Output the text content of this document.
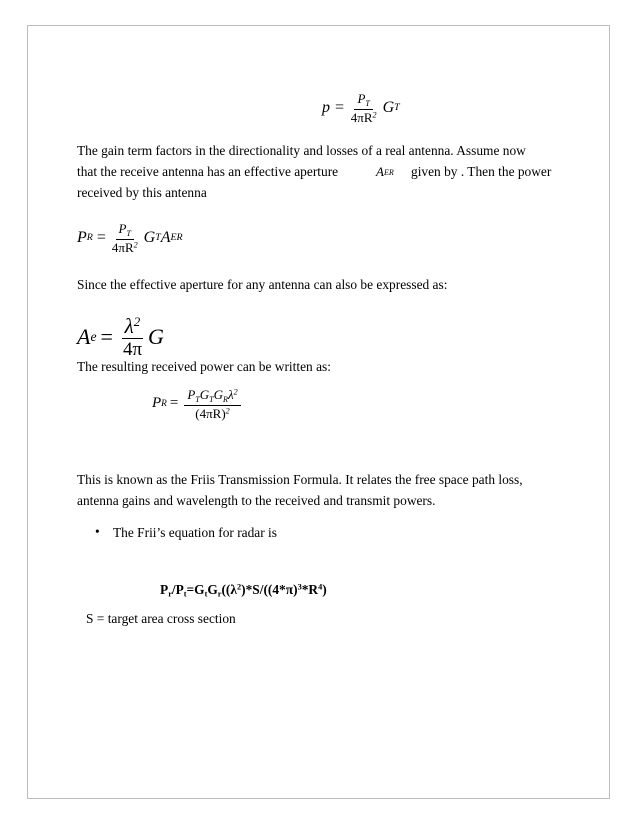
$p = \frac{P_T}{4\pi R^2}$ G T
The gain term factors in the directionality and losses of a real antenna. Assume now
that the receive antenna has an effective aperture	A ER given by . Then the power
received by this antenna
P $R = \frac{P_T}{4\pi R^2}$ G T A ER
Since the effective aperture for any antenna can also be expressed as:
A $e = \frac{\lambda^2}{4\pi}$ G
The resulting received power can be written as:
P $R = \frac{P_TG_TG_R\lambda^2}{(4\pi R)^2}$
This is known as the Friis Transmission Formula. It relates the free space path loss,
antenna gains and wavelength to the received and transmit powers.
• The Frii’s equation for radar is
$P_r/P_t=G_tG_r((\lambda^2)*S/((4*\pi)^3*R^4)$
S = target area cross section
